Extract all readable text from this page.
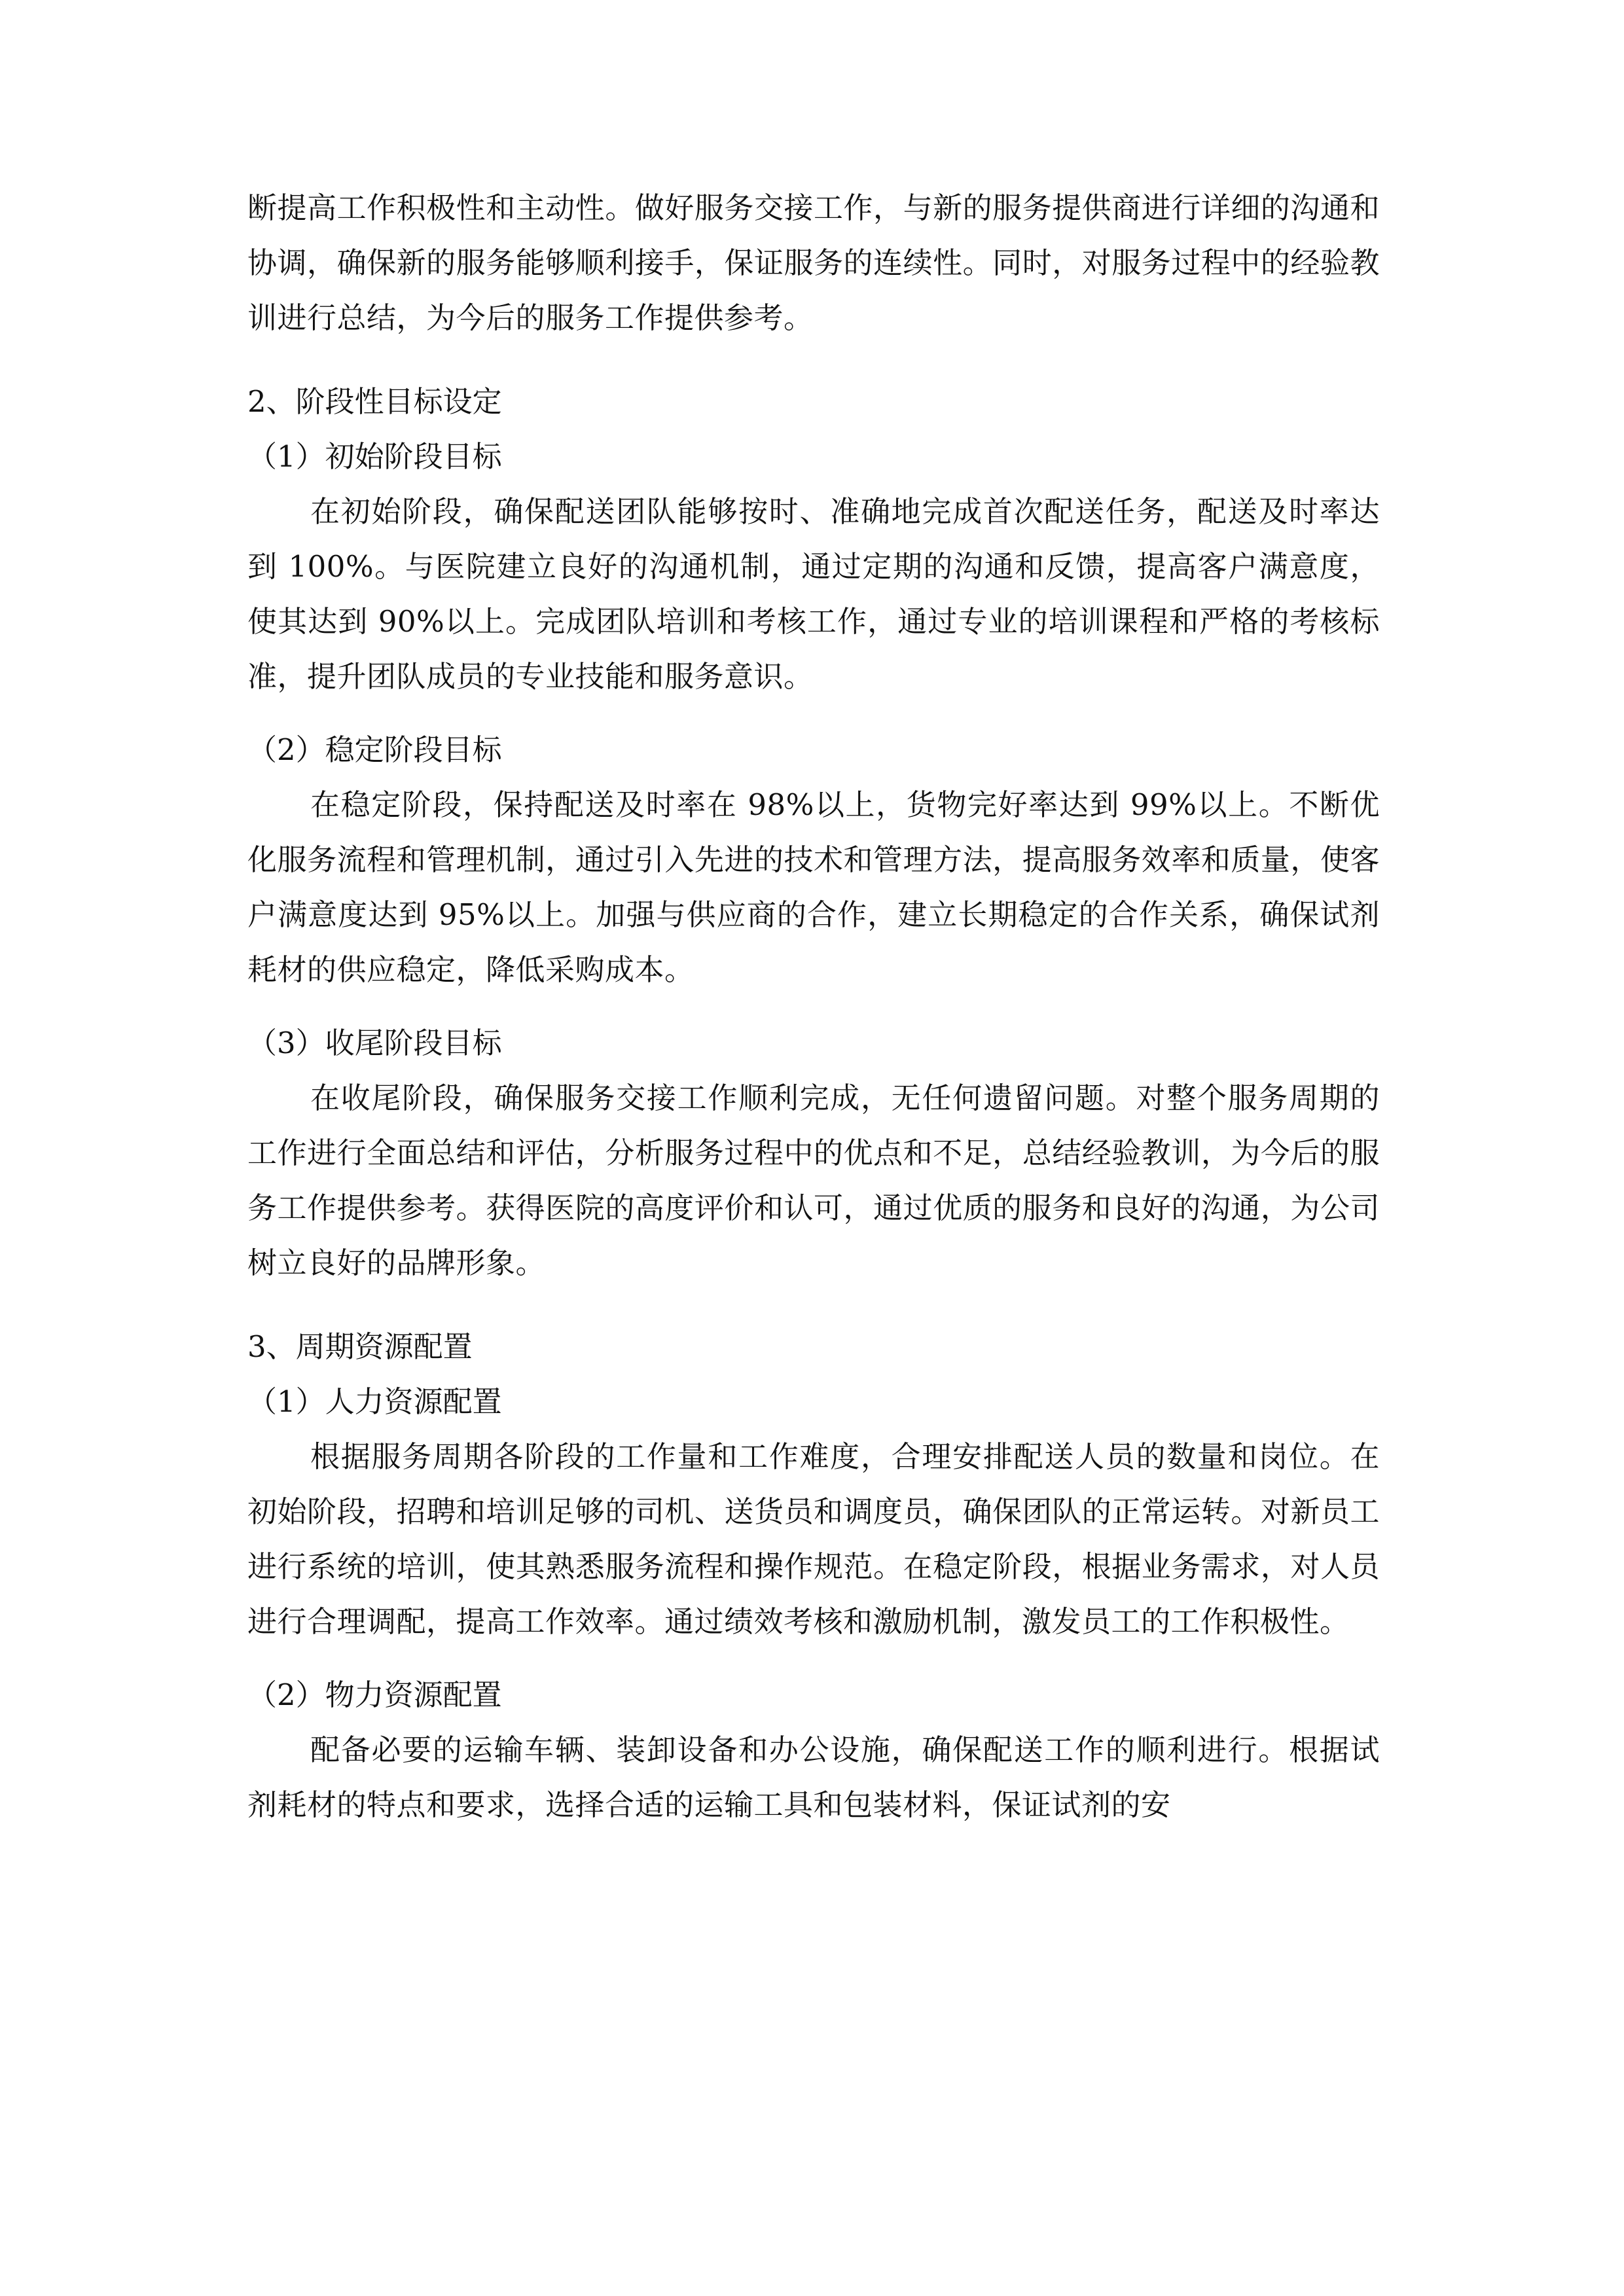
断提高工作积极性和主动性。做好服务交接工作，与新的服务提供商进行详细的沟通和协调，确保新的服务能够顺利接手，保证服务的连续性。同时，对服务过程中的经验教训进行总结，为今后的服务工作提供参考。

2、阶段性目标设定

（1）初始阶段目标

在初始阶段，确保配送团队能够按时、准确地完成首次配送任务，配送及时率达到 100%。与医院建立良好的沟通机制，通过定期的沟通和反馈，提高客户满意度，使其达到 90%以上。完成团队培训和考核工作，通过专业的培训课程和严格的考核标准，提升团队成员的专业技能和服务意识。

（2）稳定阶段目标

在稳定阶段，保持配送及时率在 98%以上，货物完好率达到 99%以上。不断优化服务流程和管理机制，通过引入先进的技术和管理方法，提高服务效率和质量，使客户满意度达到 95%以上。加强与供应商的合作，建立长期稳定的合作关系，确保试剂耗材的供应稳定，降低采购成本。

（3）收尾阶段目标

在收尾阶段，确保服务交接工作顺利完成，无任何遗留问题。对整个服务周期的工作进行全面总结和评估，分析服务过程中的优点和不足，总结经验教训，为今后的服务工作提供参考。获得医院的高度评价和认可，通过优质的服务和良好的沟通，为公司树立良好的品牌形象。

3、周期资源配置

（1）人力资源配置

根据服务周期各阶段的工作量和工作难度，合理安排配送人员的数量和岗位。在初始阶段，招聘和培训足够的司机、送货员和调度员，确保团队的正常运转。对新员工进行系统的培训，使其熟悉服务流程和操作规范。在稳定阶段，根据业务需求，对人员进行合理调配，提高工作效率。通过绩效考核和激励机制，激发员工的工作积极性。

（2）物力资源配置

配备必要的运输车辆、装卸设备和办公设施，确保配送工作的顺利进行。根据试剂耗材的特点和要求，选择合适的运输工具和包装材料，保证试剂的安
